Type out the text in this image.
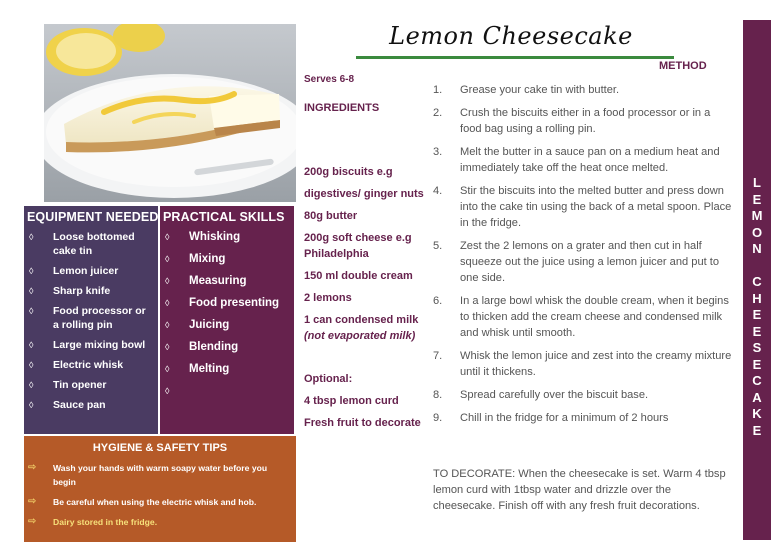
EQUIPMENT NEEDED
◊ Loose bottomed cake tin
◊ Lemon juicer
◊ Sharp knife
◊ Food processor or a rolling pin
◊ Large mixing bowl
◊ Electric whisk
◊ Tin opener
◊ Sauce pan
PRACTICAL SKILLS
◊ Whisking
◊ Mixing
◊ Measuring
◊ Food presenting
◊ Juicing
◊ Blending
◊ Melting
◊
HYGIENE & SAFETY TIPS
⇨ Wash your hands with warm soapy water before you begin
⇨ Be careful when using the electric whisk and hob.
⇨ Dairy stored in the fridge.
Lemon Cheesecake
Serves 6-8
INGREDIENTS
200g biscuits e.g
digestives/ ginger nuts
80g butter
200g soft cheese e.g
Philadelphia
150 ml double cream
2 lemons
1 can condensed milk
(not evaporated milk)
Optional:
4 tbsp lemon curd
Fresh fruit to decorate
METHOD
1. Grease your cake tin with butter.
2. Crush the biscuits either in a food processor or in a food bag using a rolling pin.
3. Melt the butter in a sauce pan on a medium heat and immediately take off the heat once melted.
4. Stir the biscuits into the melted butter and press down into the cake tin using the back of a metal spoon. Place in the fridge.
5. Zest the 2 lemons on a grater and then cut in half squeeze out the juice using a lemon juicer and put to one side.
6. In a large bowl whisk the double cream, when it begins to thicken add the cream cheese and condensed milk and whisk until smooth.
7. Whisk the lemon juice and zest into the creamy mixture until it thickens.
8. Spread carefully over the biscuit base.
9. Chill in the fridge for a minimum of 2 hours
TO DECORATE: When the cheesecake is set. Warm 4 tbsp lemon curd with 1tbsp water and drizzle over the cheesecake. Finish off with any fresh fruit decorations.
L
E
M
O
N

C
H
E
E
S
E
C
A
K
E
